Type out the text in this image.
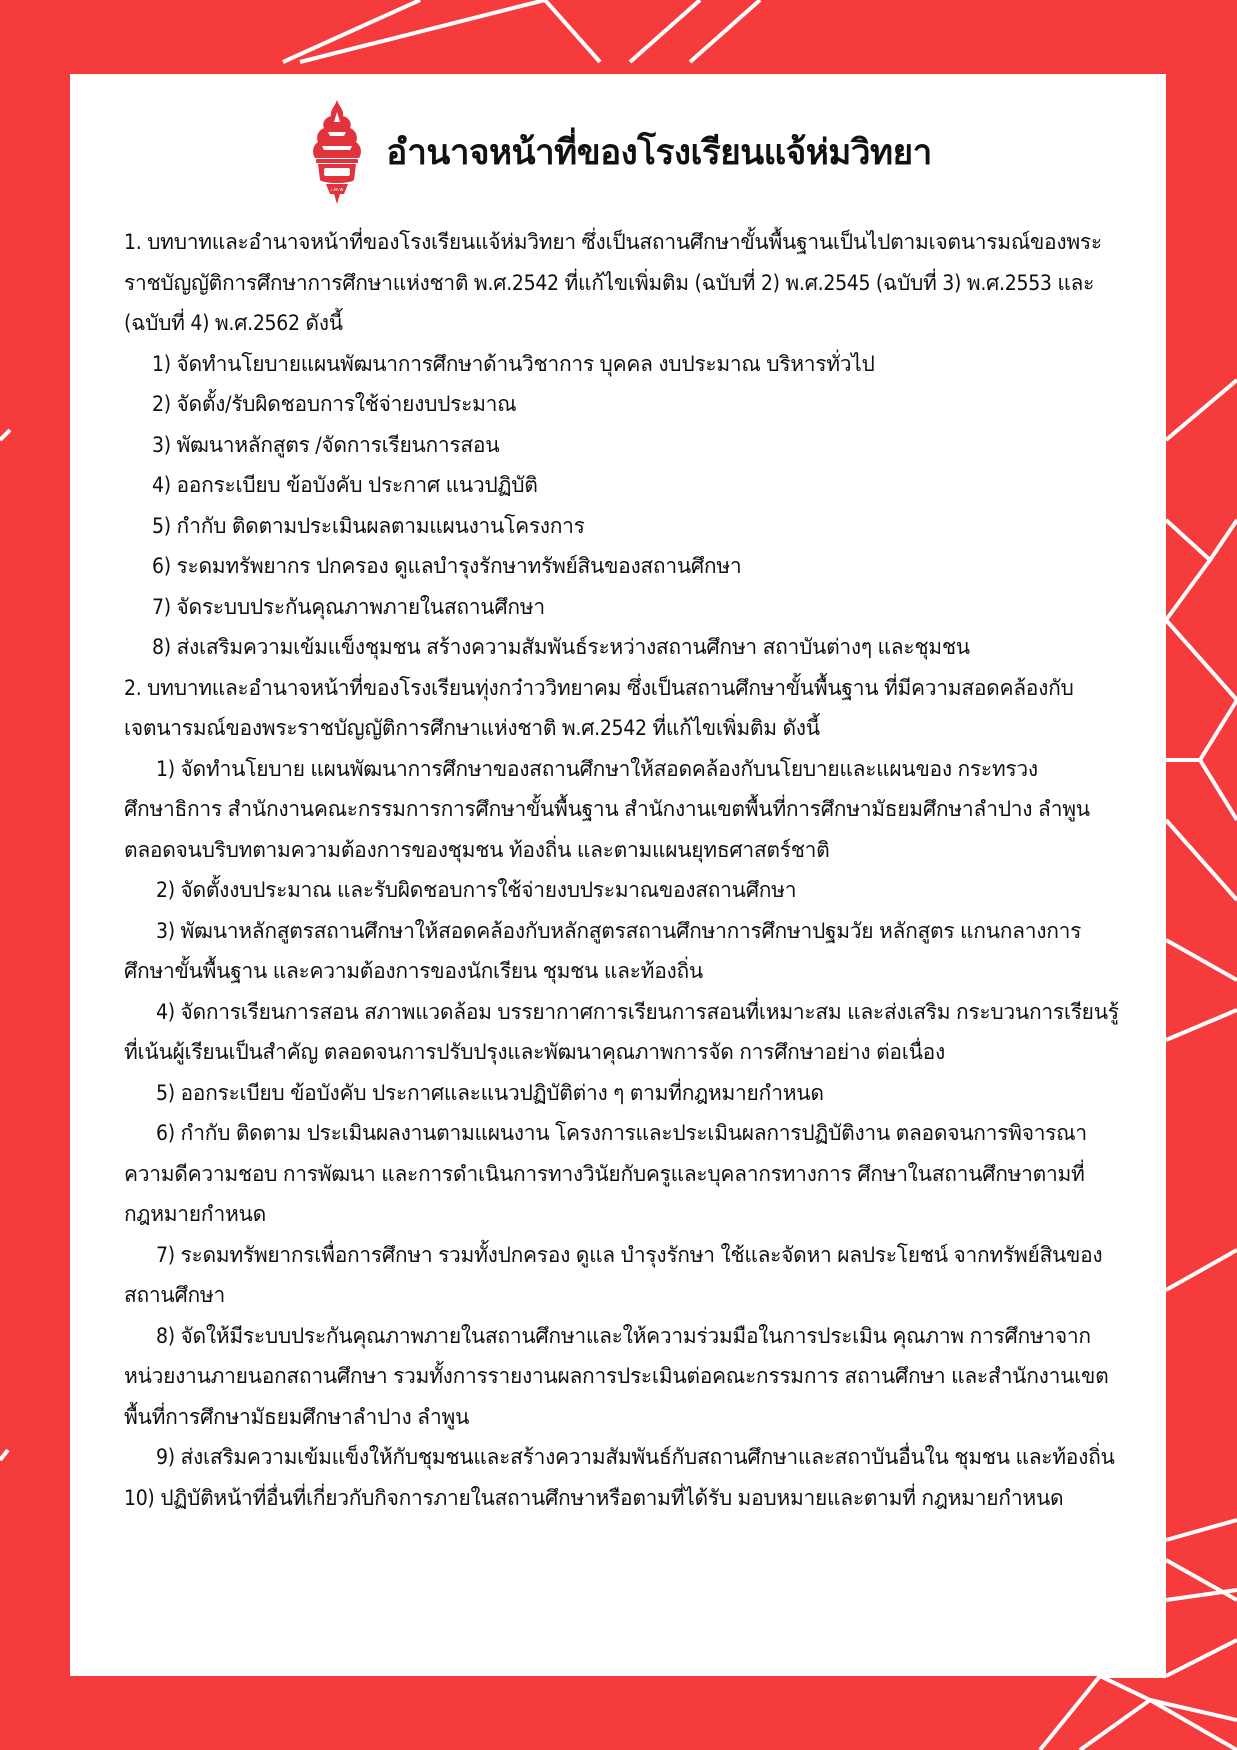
ᴊ.ᴍ.ᴡ
อำนาจหน้าที่ของโรงเรียนแจ้ห่มวิทยา

1. บทบาทและอำนาจหน้าที่ของโรงเรียนแจ้ห่มวิทยา ซึ่งเป็นสถานศึกษาขั้นพื้นฐานเป็นไปตามเจตนารมณ์ของพระราชบัญญัติการศึกษาการศึกษาแห่งชาติ พ.ศ.2542 ที่แก้ไขเพิ่มติม (ฉบับที่ 2) พ.ศ.2545 (ฉบับที่ 3) พ.ศ.2553 และ (ฉบับที่ 4) พ.ศ.2562 ดังนี้

1) จัดทำนโยบายแผนพัฒนาการศึกษาด้านวิชาการ บุคคล งบประมาณ บริหารทั่วไป

2) จัดตั้ง/รับผิดชอบการใช้จ่ายงบประมาณ

3) พัฒนาหลักสูตร /จัดการเรียนการสอน

4) ออกระเบียบ ข้อบังคับ ประกาศ แนวปฏิบัติ

5) กำกับ ติดตามประเมินผลตามแผนงานโครงการ

6) ระดมทรัพยากร ปกครอง ดูแลบำรุงรักษาทรัพย์สินของสถานศึกษา

7) จัดระบบประกันคุณภาพภายในสถานศึกษา

8) ส่งเสริมความเข้มแข็งชุมชน สร้างความสัมพันธ์ระหว่างสถานศึกษา สถาบันต่างๆ และชุมชน

2. บทบาทและอำนาจหน้าที่ของโรงเรียนทุ่งกว๋าววิทยาคม ซึ่งเป็นสถานศึกษาขั้นพื้นฐาน ที่มีความสอดคล้องกับเจตนารมณ์ของพระราชบัญญัติการศึกษาแห่งชาติ พ.ศ.2542 ที่แก้ไขเพิ่มติม ดังนี้

1) จัดทำนโยบาย แผนพัฒนาการศึกษาของสถานศึกษาให้สอดคล้องกับนโยบายและแผนของ กระทรวงศึกษาธิการ สำนักงานคณะกรรมการการศึกษาขั้นพื้นฐาน สำนักงานเขตพื้นที่การศึกษามัธยมศึกษาลำปาง ลำพูน ตลอดจนบริบทตามความต้องการของชุมชน ท้องถิ่น และตามแผนยุทธศาสตร์ชาติ

2) จัดตั้งงบประมาณ และรับผิดชอบการใช้จ่ายงบประมาณของสถานศึกษา

3) พัฒนาหลักสูตรสถานศึกษาให้สอดคล้องกับหลักสูตรสถานศึกษาการศึกษาปฐมวัย หลักสูตร แกนกลางการศึกษาขั้นพื้นฐาน และความต้องการของนักเรียน ชุมชน และท้องถิ่น

4) จัดการเรียนการสอน สภาพแวดล้อม บรรยากาศการเรียนการสอนที่เหมาะสม และส่งเสริม กระบวนการเรียนรู้ที่เน้นผู้เรียนเป็นสำคัญ ตลอดจนการปรับปรุงและพัฒนาคุณภาพการจัด การศึกษาอย่าง ต่อเนื่อง

5) ออกระเบียบ ข้อบังคับ ประกาศและแนวปฏิบัติต่าง ๆ ตามที่กฎหมายกำหนด

6) กำกับ ติดตาม ประเมินผลงานตามแผนงาน โครงการและประเมินผลการปฏิบัติงาน ตลอดจนการพิจารณาความดีความชอบ การพัฒนา และการดำเนินการทางวินัยกับครูและบุคลากรทางการ ศึกษาในสถานศึกษาตามที่กฎหมายกำหนด

7) ระดมทรัพยากรเพื่อการศึกษา รวมทั้งปกครอง ดูแล บำรุงรักษา ใช้และจัดหา ผลประโยชน์ จากทรัพย์สินของสถานศึกษา

8) จัดให้มีระบบประกันคุณภาพภายในสถานศึกษาและให้ความร่วมมือในการประเมิน คุณภาพ การศึกษาจากหน่วยงานภายนอกสถานศึกษา รวมทั้งการรายงานผลการประเมินต่อคณะกรรมการ สถานศึกษา และสำนักงานเขตพื้นที่การศึกษามัธยมศึกษาลำปาง ลำพูน

9) ส่งเสริมความเข้มแข็งให้กับชุมชนและสร้างความสัมพันธ์กับสถานศึกษาและสถาบันอื่นใน ชุมชน และท้องถิ่น 10) ปฏิบัติหน้าที่อื่นที่เกี่ยวกับกิจการภายในสถานศึกษาหรือตามที่ได้รับ มอบหมายและตามที่ กฎหมายกำหนด
